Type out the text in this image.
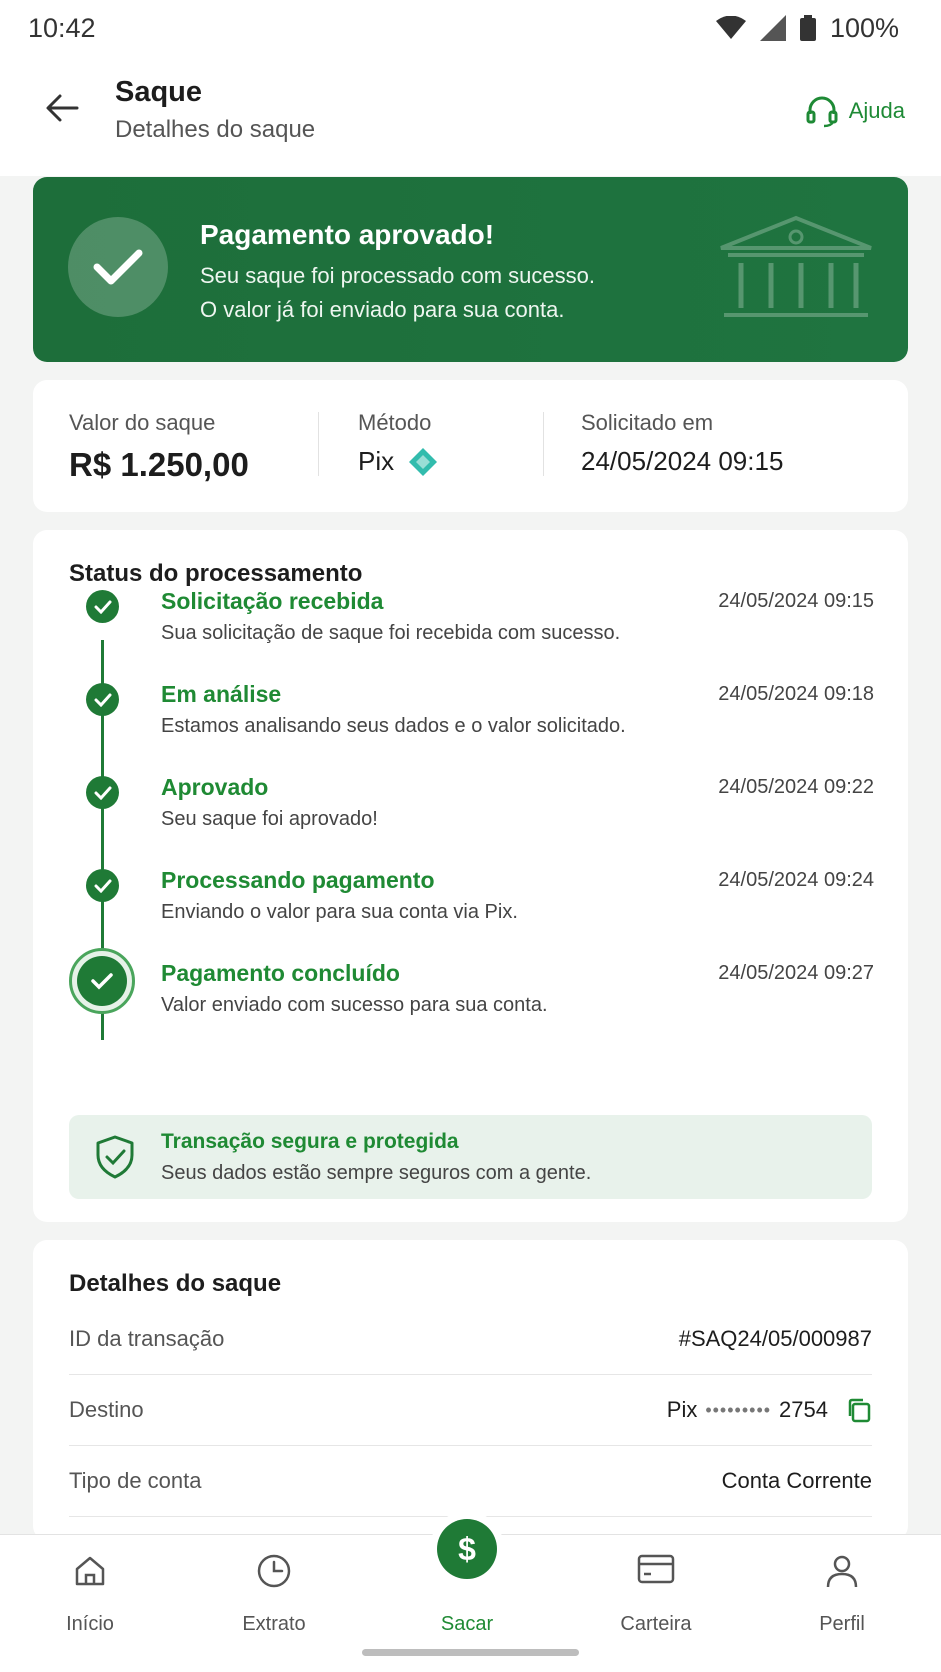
10:42	100%
Saque
Detalhes do saque
Ajuda
Pagamento aprovado!
Seu saque foi processado com sucesso.
O valor já foi enviado para sua conta.
Valor do saque
R$ 1.250,00
Método
Pix
Solicitado em
24/05/2024 09:15
Status do processamento
Solicitação recebida
Sua solicitação de saque foi recebida com sucesso.
24/05/2024 09:15
Em análise
Estamos analisando seus dados e o valor solicitado.
24/05/2024 09:18
Aprovado
Seu saque foi aprovado!
24/05/2024 09:22
Processando pagamento
Enviando o valor para sua conta via Pix.
24/05/2024 09:24
Pagamento concluído
Valor enviado com sucesso para sua conta.
24/05/2024 09:27
Transação segura e protegida
Seus dados estão sempre seguros com a gente.
Detalhes do saque
ID da transação	#SAQ24/05/000987
Destino	Pix ••••••••• 2754
Tipo de conta	Conta Corrente
Início	Extrato	Sacar
$
Carteira	Perfil
